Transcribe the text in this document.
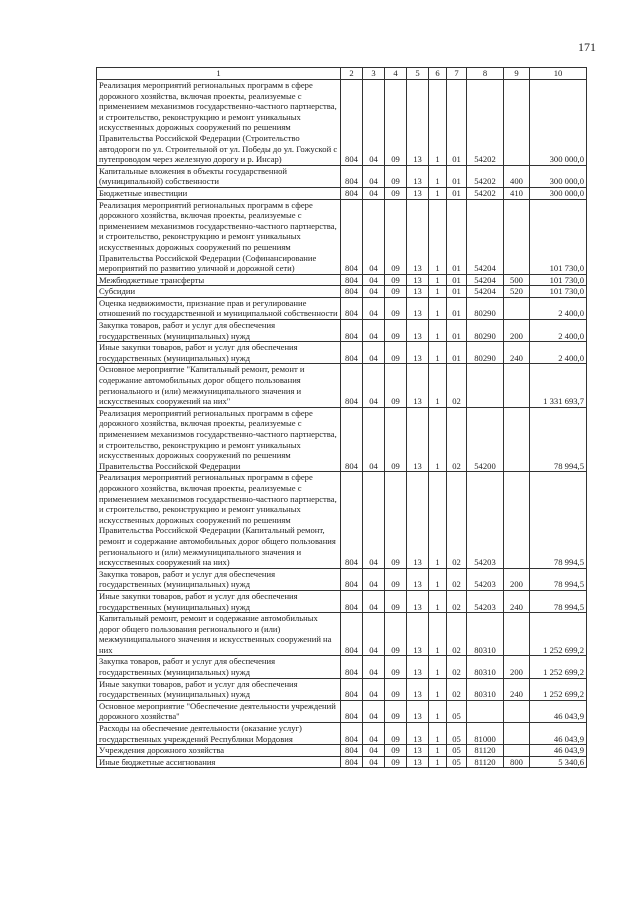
171
1	2	3	4	5	6	7	8	9	10
Реализация мероприятий региональных программ в сфере дорожного хозяйства, включая проекты, реализуемые с применением механизмов государственно-частного партнерства, и строительство, реконструкцию и ремонт уникальных искусственных дорожных сооружений по решениям Правительства Российской Федерации (Строительство автодороги по ул. Строительной от ул. Победы до ул. Гожуской с путепроводом через железную дорогу и р. Инсар)	804	04	09	13	1	01	54202		300 000,0
Капитальные вложения в объекты государственной (муниципальной) собственности	804	04	09	13	1	01	54202	400	300 000,0
Бюджетные инвестиции	804	04	09	13	1	01	54202	410	300 000,0
Реализация мероприятий региональных программ в сфере дорожного хозяйства, включая проекты, реализуемые с применением механизмов государственно-частного партнерства, и строительство, реконструкцию и ремонт уникальных искусственных дорожных сооружений по решениям Правительства Российской Федерации (Софинансирование мероприятий по развитию уличной и дорожной сети)	804	04	09	13	1	01	54204		101 730,0
Межбюджетные трансферты	804	04	09	13	1	01	54204	500	101 730,0
Субсидии	804	04	09	13	1	01	54204	520	101 730,0
Оценка недвижимости, признание прав и регулирование отношений по государственной и муниципальной собственности	804	04	09	13	1	01	80290		2 400,0
Закупка товаров, работ и услуг для обеспечения государственных (муниципальных) нужд	804	04	09	13	1	01	80290	200	2 400,0
Иные закупки товаров, работ и услуг для обеспечения государственных (муниципальных) нужд	804	04	09	13	1	01	80290	240	2 400,0
Основное мероприятие "Капитальный ремонт, ремонт и содержание автомобильных дорог общего пользования регионального и (или) межмуниципального значения и искусственных сооружений на них"	804	04	09	13	1	02			1 331 693,7
Реализация мероприятий региональных программ в сфере дорожного хозяйства, включая проекты, реализуемые с применением механизмов государственно-частного партнерства, и строительство, реконструкцию и ремонт уникальных искусственных дорожных сооружений по решениям Правительства Российской Федерации	804	04	09	13	1	02	54200		78 994,5
Реализация мероприятий региональных программ в сфере дорожного хозяйства, включая проекты, реализуемые с применением механизмов государственно-частного партнерства, и строительство, реконструкцию и ремонт уникальных искусственных дорожных сооружений по решениям Правительства Российской Федерации (Капитальный ремонт, ремонт и содержание автомобильных дорог общего пользования регионального и (или) межмуниципального значения и искусственных сооружений на них)	804	04	09	13	1	02	54203		78 994,5
Закупка товаров, работ и услуг для обеспечения государственных (муниципальных) нужд	804	04	09	13	1	02	54203	200	78 994,5
Иные закупки товаров, работ и услуг для обеспечения государственных (муниципальных) нужд	804	04	09	13	1	02	54203	240	78 994,5
Капитальный ремонт, ремонт и содержание автомобильных дорог общего пользования регионального и (или) межмуниципального значения и искусственных сооружений на них	804	04	09	13	1	02	80310		1 252 699,2
Закупка товаров, работ и услуг для обеспечения государственных (муниципальных) нужд	804	04	09	13	1	02	80310	200	1 252 699,2
Иные закупки товаров, работ и услуг для обеспечения государственных (муниципальных) нужд	804	04	09	13	1	02	80310	240	1 252 699,2
Основное мероприятие "Обеспечение деятельности учреждений дорожного хозяйства"	804	04	09	13	1	05			46 043,9
Расходы на обеспечение деятельности (оказание услуг) государственных учреждений Республики Мордовия	804	04	09	13	1	05	81000		46 043,9
Учреждения дорожного хозяйства	804	04	09	13	1	05	81120		46 043,9
Иные бюджетные ассигнования	804	04	09	13	1	05	81120	800	5 340,6
